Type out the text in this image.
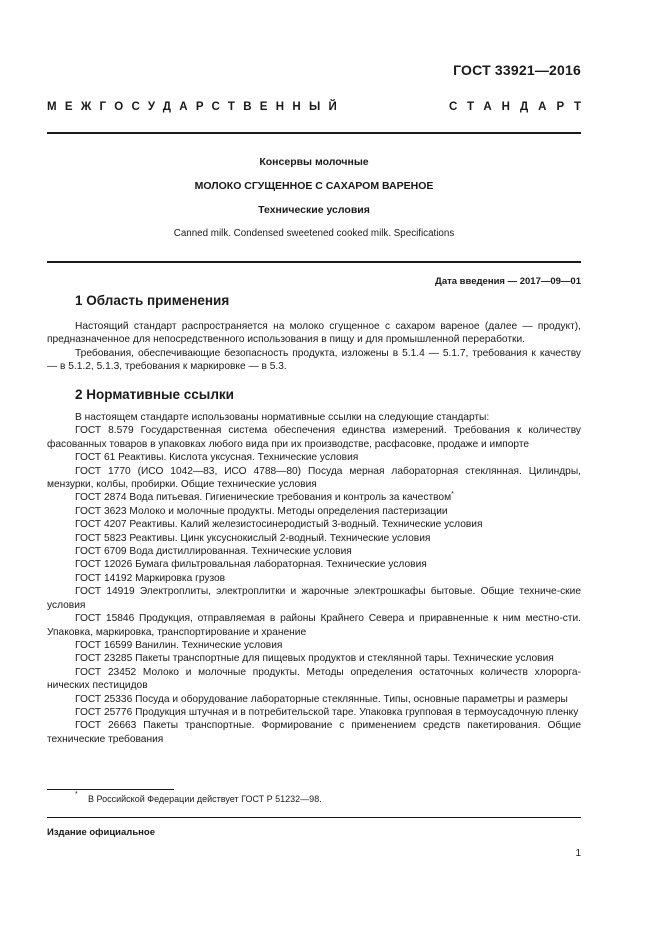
ГОСТ 33921—2016
МЕЖГОСУДАРСТВЕННЫЙ	СТАНДАРТ
Консервы молочные
МОЛОКО СГУЩЕННОЕ С САХАРОМ ВАРЕНОЕ
Технические условия
Canned milk. Condensed sweetened cooked milk. Specifications
Дата введения — 2017—09—01
1 Область применения

Настоящий стандарт распространяется на молоко сгущенное с сахаром вареное (далее — продукт), предназначенное для непосредственного использования в пищу и для промышленной переработки.

Требования, обеспечивающие безопасность продукта, изложены в 5.1.4 — 5.1.7, требования к качеству — в 5.1.2, 5.1.3, требования к маркировке — в 5.3.

2 Нормативные ссылки

В настоящем стандарте использованы нормативные ссылки на следующие стандарты:

ГОСТ 8.579 Государственная система обеспечения единства измерений. Требования к количеству фасованных товаров в упаковках любого вида при их производстве, расфасовке, продаже и импорте

ГОСТ 61 Реактивы. Кислота уксусная. Технические условия

ГОСТ 1770 (ИСО 1042—83, ИСО 4788—80) Посуда мерная лабораторная стеклянная. Цилиндры, мензурки, колбы, пробирки. Общие технические условия

ГОСТ 2874 Вода питьевая. Гигиенические требования и контроль за качеством*

ГОСТ 3623 Молоко и молочные продукты. Методы определения пастеризации

ГОСТ 4207 Реактивы. Калий железистосинеродистый 3-водный. Технические условия

ГОСТ 5823 Реактивы. Цинк уксуснокислый 2-водный. Технические условия

ГОСТ 6709 Вода дистиллированная. Технические условия

ГОСТ 12026 Бумага фильтровальная лабораторная. Технические условия

ГОСТ 14192 Маркировка грузов

ГОСТ 14919 Электроплиты, электроплитки и жарочные электрошкафы бытовые. Общие техниче-ские условия

ГОСТ 15846 Продукция, отправляемая в районы Крайнего Севера и приравненные к ним местно-сти. Упаковка, маркировка, транспортирование и хранение

ГОСТ 16599 Ванилин. Технические условия

ГОСТ 23285 Пакеты транспортные для пищевых продуктов и стеклянной тары. Технические условия

ГОСТ 23452 Молоко и молочные продукты. Методы определения остаточных количеств хлорорга-нических пестицидов

ГОСТ 25336 Посуда и оборудование лабораторные стеклянные. Типы, основные параметры и размеры

ГОСТ 25776 Продукция штучная и в потребительской таре. Упаковка групповая в термоусадочную пленку

ГОСТ 26663 Пакеты транспортные. Формирование с применением средств пакетирования. Общие технические требования

* В Российской Федерации действует ГОСТ Р 51232—98.
Издание официальное
1
